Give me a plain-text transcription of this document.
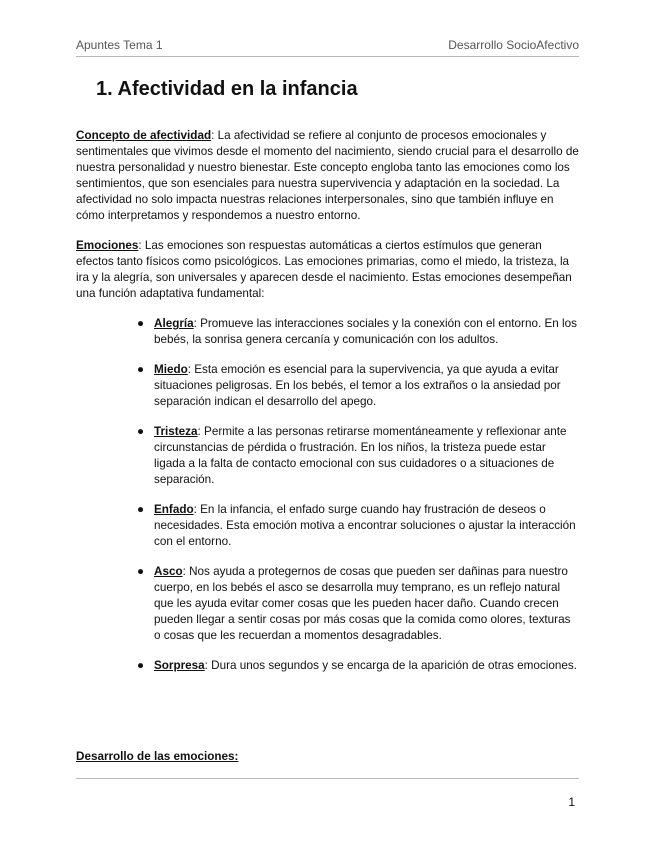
Apuntes Tema 1	Desarrollo SocioAfectivo
1. Afectividad en la infancia

Concepto de afectividad: La afectividad se refiere al conjunto de procesos emocionales y sentimentales que vivimos desde el momento del nacimiento, siendo crucial para el desarrollo de nuestra personalidad y nuestro bienestar. Este concepto engloba tanto las emociones como los sentimientos, que son esenciales para nuestra supervivencia y adaptación en la sociedad. La afectividad no solo impacta nuestras relaciones interpersonales, sino que también influye en cómo interpretamos y respondemos a nuestro entorno.

Emociones: Las emociones son respuestas automáticas a ciertos estímulos que generan efectos tanto físicos como psicológicos. Las emociones primarias, como el miedo, la tristeza, la ira y la alegría, son universales y aparecen desde el nacimiento. Estas emociones desempeñan una función adaptativa fundamental:

● Alegría: Promueve las interacciones sociales y la conexión con el entorno. En los bebés, la sonrisa genera cercanía y comunicación con los adultos.
● Miedo: Esta emoción es esencial para la supervivencia, ya que ayuda a evitar situaciones peligrosas. En los bebés, el temor a los extraños o la ansiedad por separación indican el desarrollo del apego.
● Tristeza: Permite a las personas retirarse momentáneamente y reflexionar ante circunstancias de pérdida o frustración. En los niños, la tristeza puede estar ligada a la falta de contacto emocional con sus cuidadores o a situaciones de separación.
● Enfado: En la infancia, el enfado surge cuando hay frustración de deseos o necesidades. Esta emoción motiva a encontrar soluciones o ajustar la interacción con el entorno.
● Asco: Nos ayuda a protegernos de cosas que pueden ser dañinas para nuestro cuerpo, en los bebés el asco se desarrolla muy temprano, es un reflejo natural que les ayuda evitar comer cosas que les pueden hacer daño. Cuando crecen pueden llegar a sentir cosas por más cosas que la comida como olores, texturas o cosas que les recuerdan a momentos desagradables.
● Sorpresa: Dura unos segundos y se encarga de la aparición de otras emociones.
Desarrollo de las emociones:
1
